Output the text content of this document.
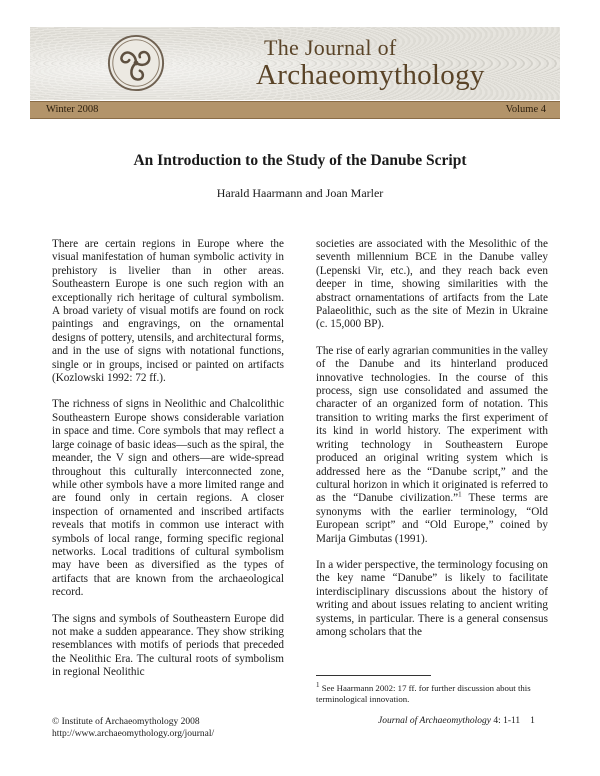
The Journal of
Archaeomythology
Winter 2008	Volume 4
An Introduction to the Study of the Danube Script
Harald Haarmann and Joan Marler

There are certain regions in Europe where the visual manifestation of human symbolic activity in prehistory is livelier than in other areas. Southeastern Europe is one such region with an exceptionally rich heritage of cultural symbolism. A broad variety of visual motifs are found on rock paintings and engravings, on the ornamental designs of pottery, utensils, and architectural forms, and in the use of signs with notational functions, single or in groups, incised or painted on artifacts (Kozlowski 1992: 72 ff.).

The richness of signs in Neolithic and Chalcolithic Southeastern Europe shows considerable variation in space and time. Core symbols that may reflect a large coinage of basic ideas—such as the spiral, the meander, the V sign and others—are wide-spread throughout this culturally interconnected zone, while other symbols have a more limited range and are found only in certain regions. A closer inspection of ornamented and inscribed artifacts reveals that motifs in common use interact with symbols of local range, forming specific regional networks. Local traditions of cultural symbolism may have been as diversified as the types of artifacts that are known from the archaeological record.

The signs and symbols of Southeastern Europe did not make a sudden appearance. They show striking resemblances with motifs of periods that preceded the Neolithic Era. The cultural roots of symbolism in regional Neolithic

societies are associated with the Mesolithic of the seventh millennium BCE in the Danube valley (Lepenski Vir, etc.), and they reach back even deeper in time, showing similarities with the abstract ornamentations of artifacts from the Late Palaeolithic, such as the site of Mezin in Ukraine (c. 15,000 BP).

The rise of early agrarian communities in the valley of the Danube and its hinterland produced innovative technologies. In the course of this process, sign use consolidated and assumed the character of an organized form of notation. This transition to writing marks the first experiment of its kind in world history. The experiment with writing technology in Southeastern Europe produced an original writing system which is addressed here as the “Danube script,” and the cultural horizon in which it originated is referred to as the “Danube civilization.”$^1$ These terms are synonyms with the earlier terminology, “Old European script” and “Old Europe,” coined by Marija Gimbutas (1991).

In a wider perspective, the terminology focusing on the key name “Danube” is likely to facilitate interdisciplinary discussions about the history of writing and about issues relating to ancient writing systems, in particular. There is a general consensus among scholars that the

$^1$ See Haarmann 2002: 17 ff. for further discussion about this terminological innovation.
© Institute of Archaeomythology 2008
http://www.archaeomythology.org/journal/
Journal of Archaeomythology 4: 1-11 1
